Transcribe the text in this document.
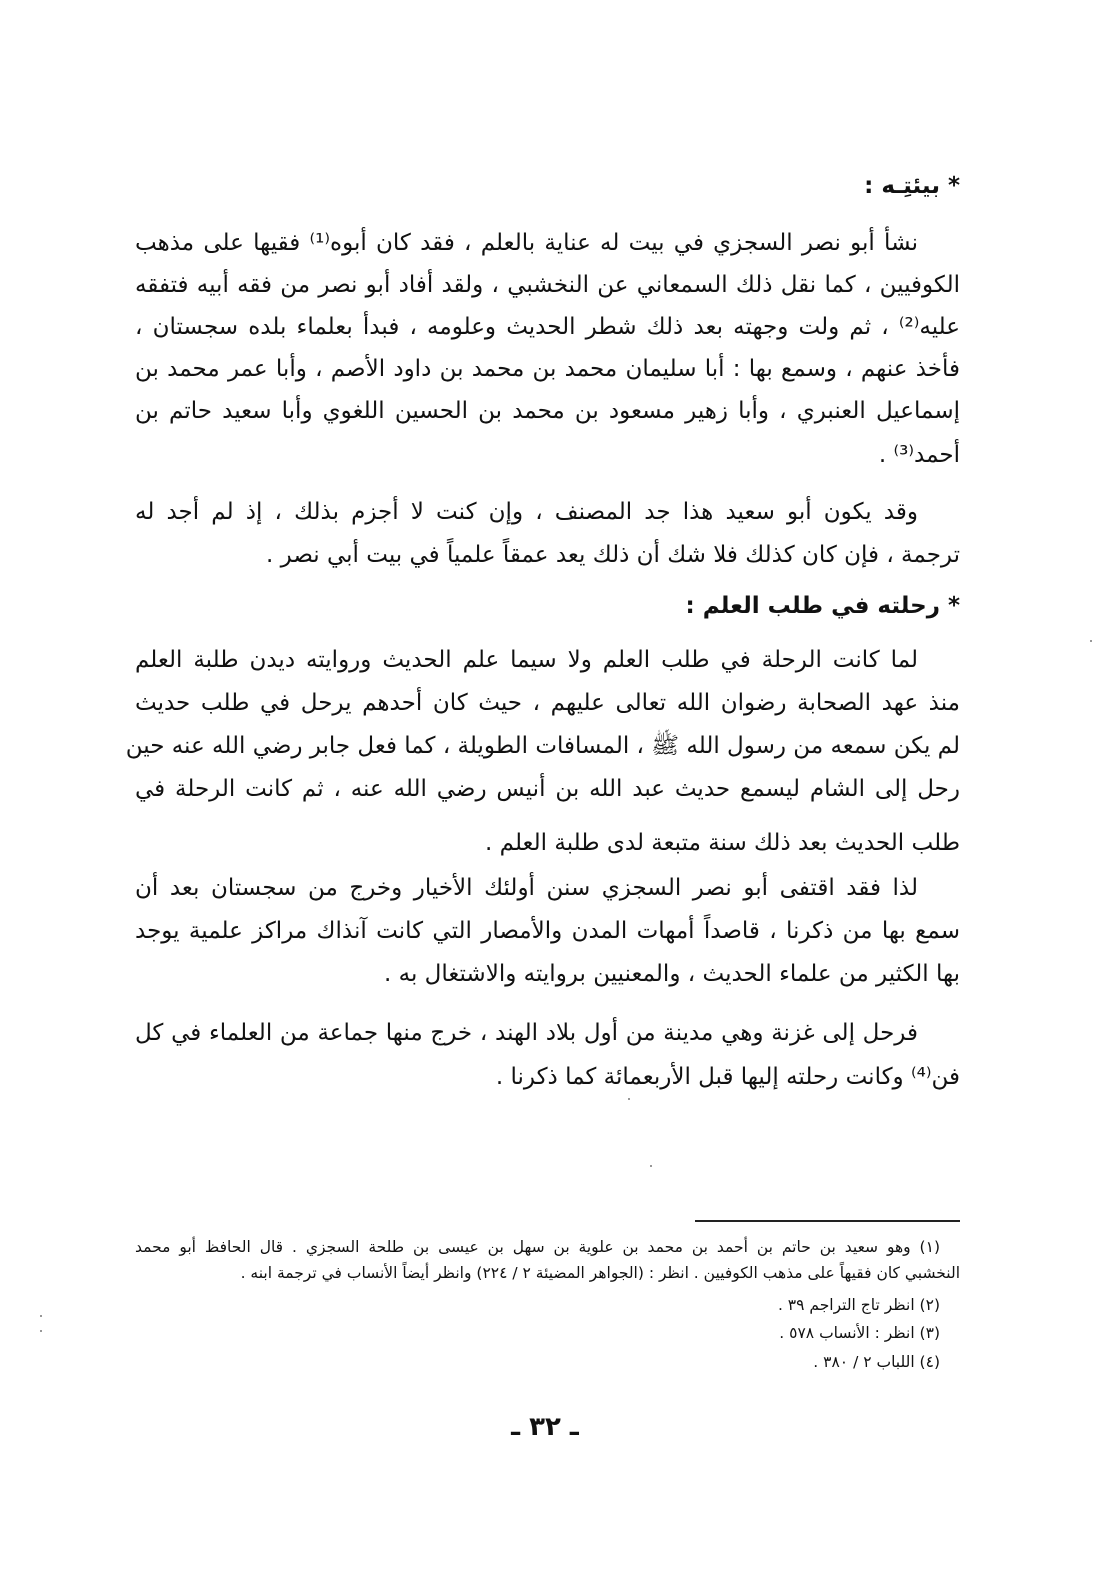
* بيئتِـه :
نشأ أبو نصر السجزي في بيت له عناية بالعلم ، فقد كان أبوه⁽¹⁾ فقيها على مذهب
الكوفيين ، كما نقل ذلك السمعاني عن النخشبي ، ولقد أفاد أبو نصر من فقه أبيه فتفقه
عليه⁽²⁾ ، ثم ولت وجهته بعد ذلك شطر الحديث وعلومه ، فبدأ بعلماء بلده سجستان ،
فأخذ عنهم ، وسمع بها : أبا سليمان محمد بن محمد بن داود الأصم ، وأبا عمر محمد بن
إسماعيل العنبري ، وأبا زهير مسعود بن محمد بن الحسين اللغوي وأبا سعيد حاتم بن
أحمد⁽³⁾ .
وقد يكون أبو سعيد هذا جد المصنف ، وإن كنت لا أجزم بذلك ، إذ لم أجد له
ترجمة ، فإن كان كذلك فلا شك أن ذلك يعد عمقاً علمياً في بيت أبي نصر .
* رحلته في طلب العلم :
لما كانت الرحلة في طلب العلم ولا سيما علم الحديث وروايته ديدن طلبة العلم
منذ عهد الصحابة رضوان الله تعالى عليهم ، حيث كان أحدهم يرحل في طلب حديث
لم يكن سمعه من رسول الله ﷺ ، المسافات الطويلة ، كما فعل جابر رضي الله عنه حين
رحل إلى الشام ليسمع حديث عبد الله بن أنيس رضي الله عنه ، ثم كانت الرحلة في
طلب الحديث بعد ذلك سنة متبعة لدى طلبة العلم .
لذا فقد اقتفى أبو نصر السجزي سنن أولئك الأخيار وخرج من سجستان بعد أن
سمع بها من ذكرنا ، قاصداً أمهات المدن والأمصار التي كانت آنذاك مراكز علمية يوجد
بها الكثير من علماء الحديث ، والمعنيين بروايته والاشتغال به .
فرحل إلى غزنة وهي مدينة من أول بلاد الهند ، خرج منها جماعة من العلماء في كل
فن⁽⁴⁾ وكانت رحلته إليها قبل الأربعمائة كما ذكرنا .
(١) وهو سعيد بن حاتم بن أحمد بن محمد بن علوية بن سهل بن عيسى بن طلحة السجزي . قال الحافظ أبو محمد
النخشبي كان فقيهاً على مذهب الكوفيين . انظر : (الجواهر المضيئة ٢ / ٢٢٤) وانظر أيضاً الأنساب في ترجمة ابنه .
(٢) انظر تاج التراجم ٣٩ .
(٣) انظر : الأنساب ٥٧٨ .
(٤) اللباب ٢ / ٣٨٠ .
ـ ٣٢ ـ
